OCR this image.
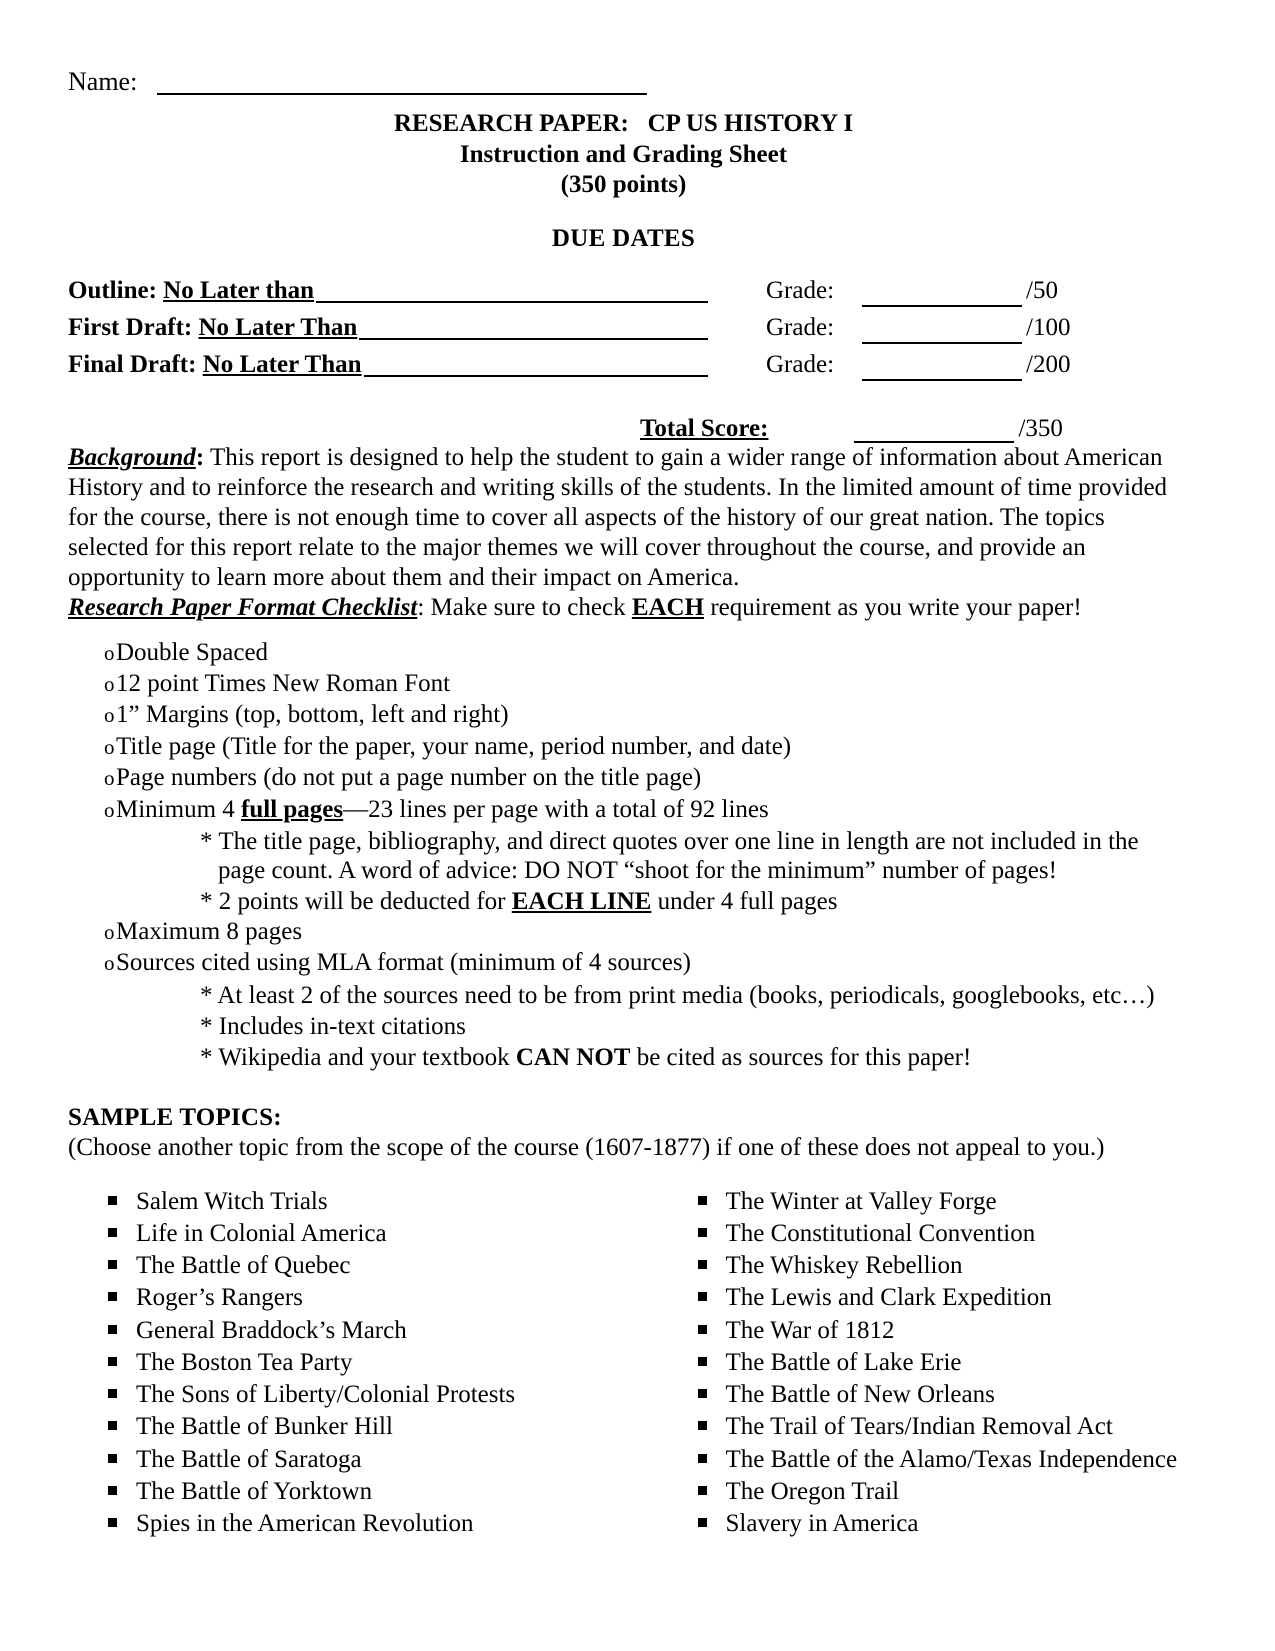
Name:
RESEARCH PAPER:   CP US HISTORY I
Instruction and Grading Sheet
(350 points)
DUE DATES
Outline: No Later than	Grade:	/50
First Draft: No Later Than	Grade:	/100
Final Draft: No Later Than	Grade:	/200
Total Score:	/350

Background: This report is designed to help the student to gain a wider range of information about American History and to reinforce the research and writing skills of the students. In the limited amount of time provided for the course, there is not enough time to cover all aspects of the history of our great nation. The topics selected for this report relate to the major themes we will cover throughout the course, and provide an opportunity to learn more about them and their impact on America.

Research Paper Format Checklist: Make sure to check EACH requirement as you write your paper!

o Double Spaced
o 12 point Times New Roman Font
o 1” Margins (top, bottom, left and right)
o Title page (Title for the paper, your name, period number, and date)
o Page numbers (do not put a page number on the title page)
o Minimum 4 full pages—23 lines per page with a total of 92 lines

* The title page, bibliography, and direct quotes over one line in length are not included in the page count. A word of advice: DO NOT “shoot for the minimum” number of pages!

* 2 points will be deducted for EACH LINE under 4 full pages

o Maximum 8 pages
o Sources cited using MLA format (minimum of 4 sources)

* At least 2 of the sources need to be from print media (books, periodicals, googlebooks, etc…)

* Includes in-text citations

* Wikipedia and your textbook CAN NOT be cited as sources for this paper!

SAMPLE TOPICS:
(Choose another topic from the scope of the course (1607-1877) if one of these does not appeal to you.)
Salem Witch Trials
Life in Colonial America
The Battle of Quebec
Roger’s Rangers
General Braddock’s March
The Boston Tea Party
The Sons of Liberty/Colonial Protests
The Battle of Bunker Hill
The Battle of Saratoga
The Battle of Yorktown
Spies in the American Revolution
The Winter at Valley Forge
The Constitutional Convention
The Whiskey Rebellion
The Lewis and Clark Expedition
The War of 1812
The Battle of Lake Erie
The Battle of New Orleans
The Trail of Tears/Indian Removal Act
The Battle of the Alamo/Texas Independence
The Oregon Trail
Slavery in America
